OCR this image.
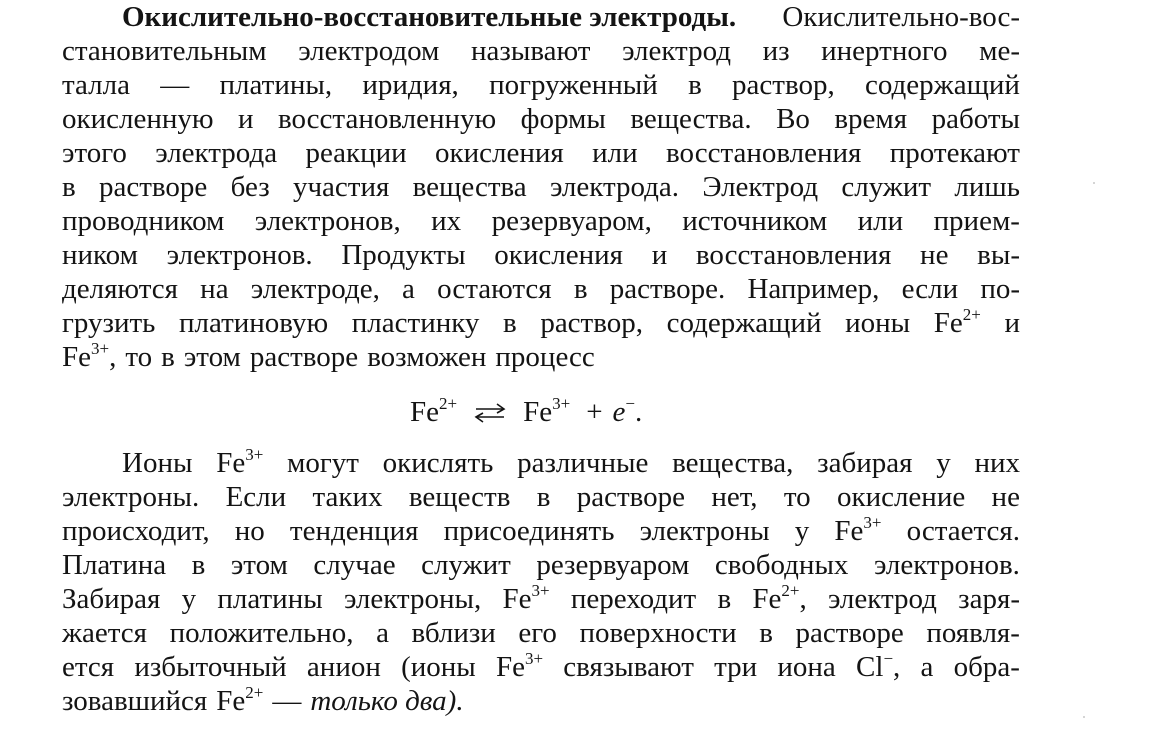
Окислительно-восстановительные электроды. Окислительно-вос-
становительным электродом называют электрод из инертного ме-
талла — платины, иридия, погруженный в раствор, содержащий
окисленную и восстановленную формы вещества. Во время работы
этого электрода реакции окисления или восстановления протекают
в растворе без участия вещества электрода. Электрод служит лишь
проводником электронов, их резервуаром, источником или прием-
ником электронов. Продукты окисления и восстановления не вы-
деляются на электроде, а остаются в растворе. Например, если по-
грузить платиновую пластинку в раствор, содержащий ионы $Fe^{2+}$ и
$Fe^{3+}$, то в этом растворе возможен процесс
$Fe^{2+}$ ⇌ $Fe^{3+} + e^-$.
Ионы $Fe^{3+}$ могут окислять различные вещества, забирая у них
электроны. Если таких веществ в растворе нет, то окисление не
происходит, но тенденция присоединять электроны у $Fe^{3+}$ остается.
Платина в этом случае служит резервуаром свободных электронов.
Забирая у платины электроны, $Fe^{3+}$ переходит в $Fe^{2+}$, электрод заря-
жается положительно, а вблизи его поверхности в растворе появля-
ется избыточный анион (ионы $Fe^{3+}$ связывают три иона Cl−, а обра-
зовавшийся $Fe^{2+}$ — только два).
